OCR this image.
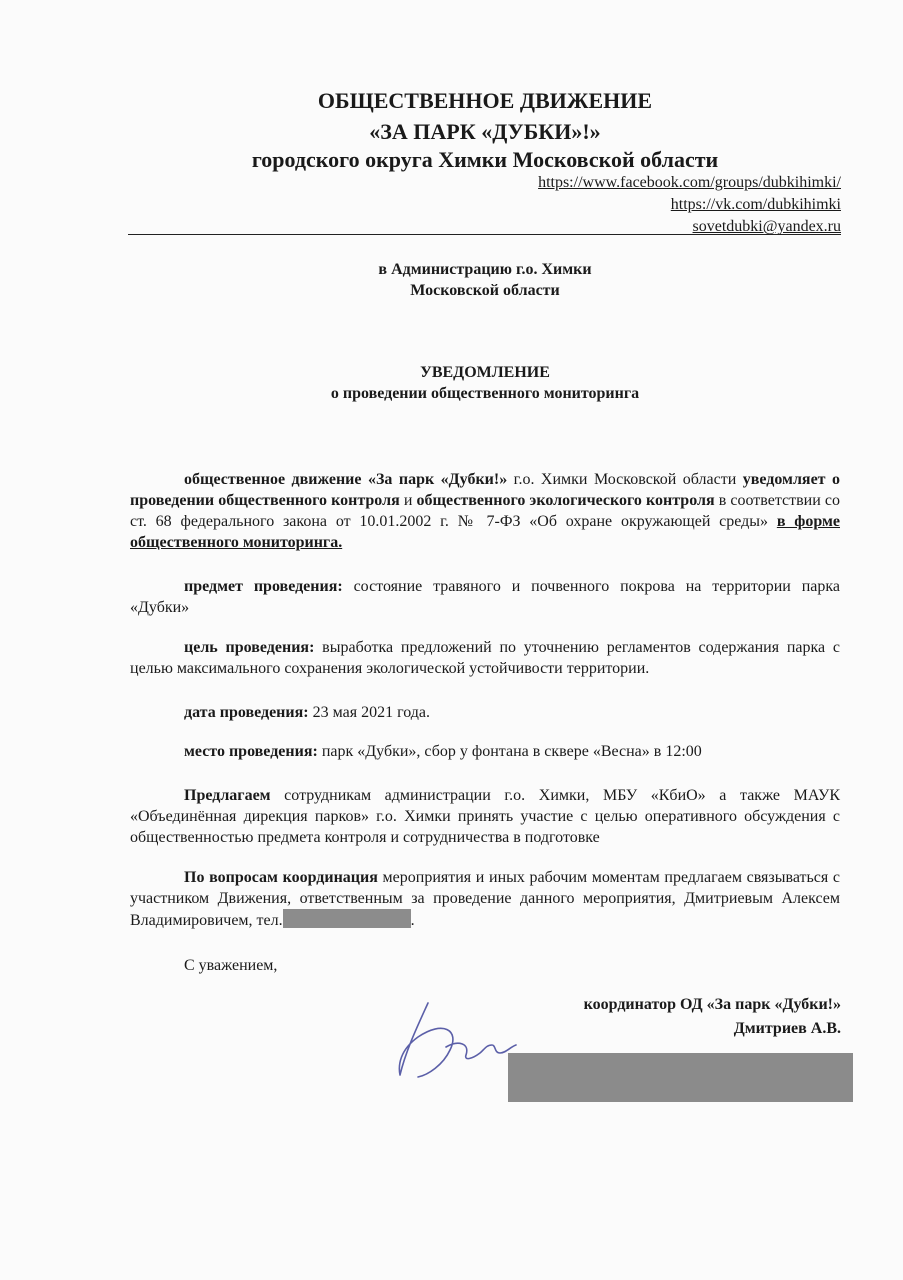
ОБЩЕСТВЕННОЕ ДВИЖЕНИЕ
«ЗА ПАРК «ДУБКИ»!»
городского округа Химки Московской области
https://www.facebook.com/groups/dubkihimki/
https://vk.com/dubkihimki
sovetdubki@yandex.ru
в Администрацию г.о. Химки
Московской области
УВЕДОМЛЕНИЕ
о проведении общественного мониторинга
общественное движение «За парк «Дубки!» г.о. Химки Московской области уведомляет о проведении общественного контроля и общественного экологического контроля в соответствии со ст. 68 федерального закона от 10.01.2002 г. № 7-ФЗ «Об охране окружающей среды» в форме общественного мониторинга.
предмет проведения: состояние травяного и почвенного покрова на территории парка «Дубки»
цель проведения: выработка предложений по уточнению регламентов содержания парка с целью максимального сохранения экологической устойчивости территории.
дата проведения: 23 мая 2021 года.
место проведения: парк «Дубки», сбор у фонтана в сквере «Весна» в 12:00
Предлагаем сотрудникам администрации г.о. Химки, МБУ «КбиО» а также МАУК «Объединённая дирекция парков» г.о. Химки принять участие с целью оперативного обсуждения с общественностью предмета контроля и сотрудничества в подготовке
По вопросам координация мероприятия и иных рабочим моментам предлагаем связываться с участником Движения, ответственным за проведение данного мероприятия, Дмитриевым Алексем Владимировичем, тел.	.
С уважением,
координатор ОД «За парк «Дубки!»
Дмитриев А.В.
